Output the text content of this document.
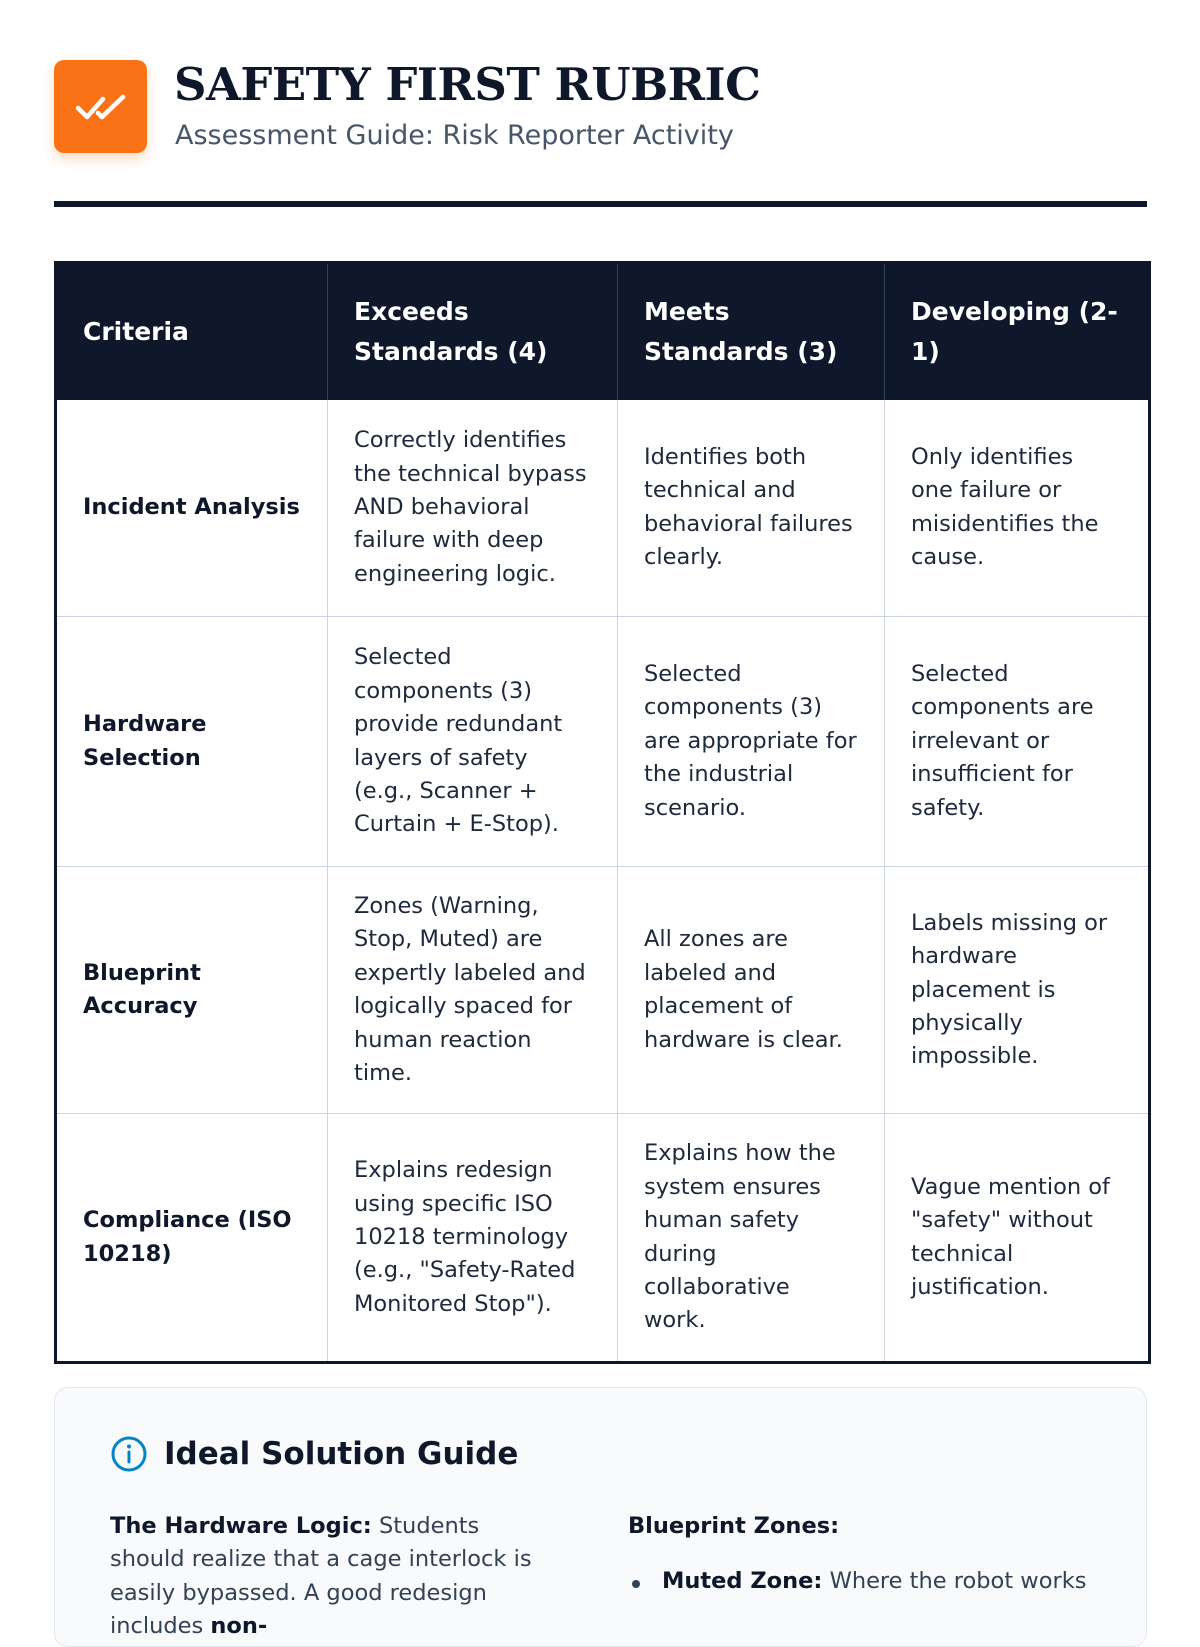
SAFETY FIRST RUBRIC
Assessment Guide: Risk Reporter Activity
Criteria	Exceeds Standards (4)	Meets Standards (3)	Developing (2-1)
Incident Analysis	Correctly identifies the technical bypass AND behavioral failure with deep engineering logic.	Identifies both technical and behavioral failures clearly.	Only identifies one failure or misidentifies the cause.
Hardware Selection	Selected components (3) provide redundant layers of safety (e.g., Scanner + Curtain + E-Stop).	Selected components (3) are appropriate for the industrial scenario.	Selected components are irrelevant or insufficient for safety.
Blueprint Accuracy	Zones (Warning, Stop, Muted) are expertly labeled and logically spaced for human reaction time.	All zones are labeled and placement of hardware is clear.	Labels missing or hardware placement is physically impossible.
Compliance (ISO 10218)	Explains redesign using specific ISO 10218 terminology (e.g., "Safety-Rated Monitored Stop").	Explains how the system ensures human safety during collaborative work.	Vague mention of "safety" without technical justification.
Ideal Solution Guide
The Hardware Logic: Students should realize that a cage interlock is easily bypassed. A good redesign includes non-
Blueprint Zones:
Muted Zone: Where the robot works
